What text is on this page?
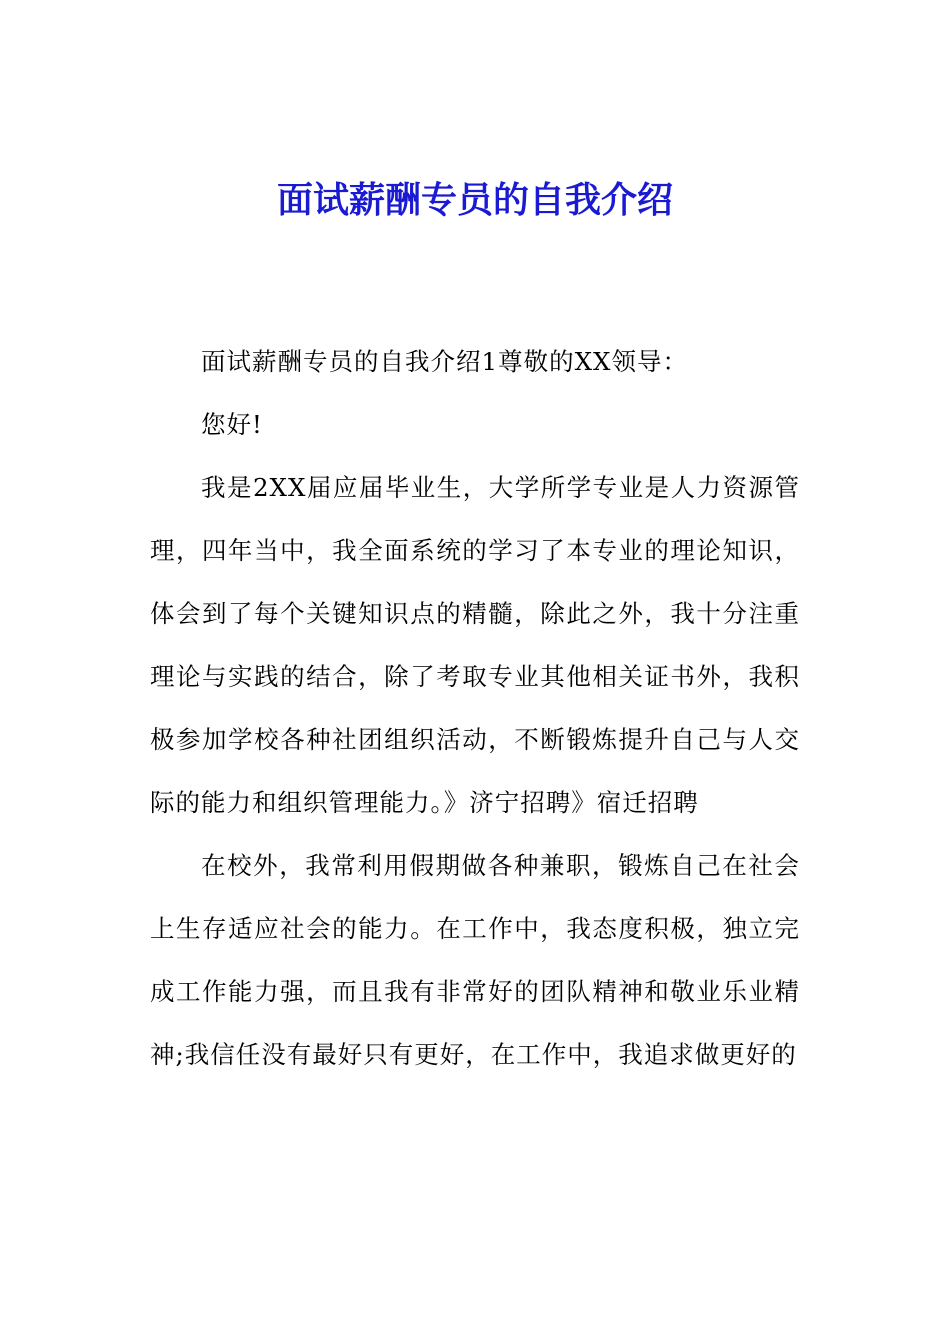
面试薪酬专员的自我介绍

面试薪酬专员的自我介绍1尊敬的XX领导：

您好!

我是2XX届应届毕业生，大学所学专业是人力资源管理，四年当中，我全面系统的学习了本专业的理论知识，体会到了每个关键知识点的精髓，除此之外，我十分注重理论与实践的结合，除了考取专业其他相关证书外，我积极参加学校各种社团组织活动，不断锻炼提升自己与人交际的能力和组织管理能力。》济宁招聘》宿迁招聘

在校外，我常利用假期做各种兼职，锻炼自己在社会上生存适应社会的能力。在工作中，我态度积极，独立完成工作能力强，而且我有非常好的团队精神和敬业乐业精神;我信任没有最好只有更好，在工作中，我追求做更好的
